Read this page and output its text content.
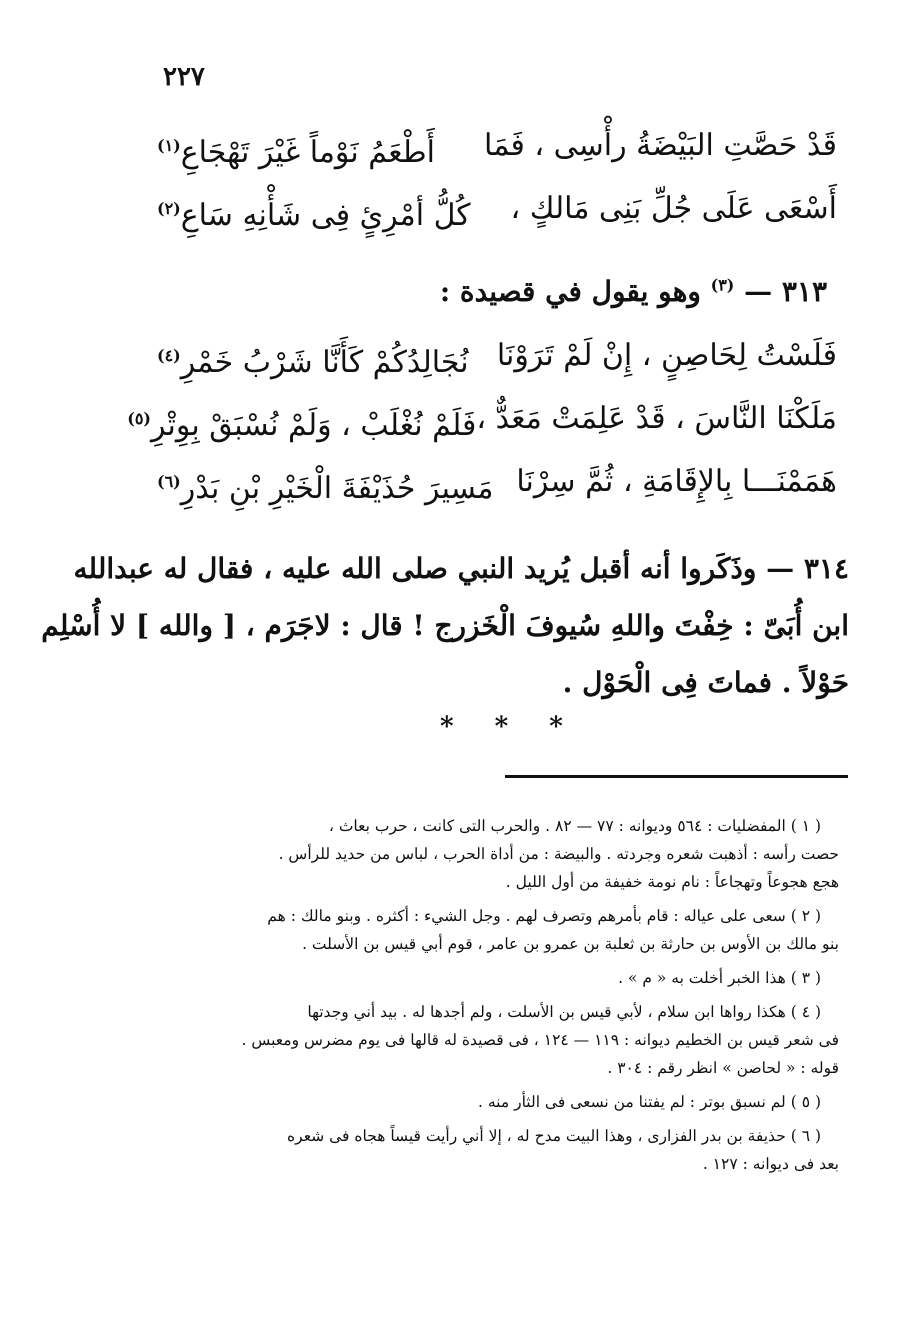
٢٢٧
قَدْ حَصَّتِ البَيْضَةُ رأْسِى ، فَمَا
أَطْعَمُ نَوْماً غَيْرَ تَهْجَاعِ$^{(١)}$
أَسْعَى عَلَى جُلِّ بَنِى مَالكٍ ،
كُلُّ أمْرِئٍ فِى شَأْنِهِ سَاعِ$^{(٢)}$
٣١٣ — $^{(٣)}$ وهو يقول في قصيدة :
فَلَسْتُ لِحَاصِنٍ ، إِنْ لَمْ تَرَوْنَا
نُجَالِدُكُمْ كَأَنَّا شَرْبُ خَمْرِ$^{(٤)}$
مَلَكْنَا النَّاسَ ، قَدْ عَلِمَتْ مَعَدٌّ ،
فَلَمْ نُغْلَبْ ، وَلَمْ نُسْبَقْ بِوِتْرِ$^{(٥)}$
هَمَمْنَـــا بِالإِقَامَةِ ، ثُمَّ سِرْنَا
مَسِيرَ حُذَيْفَةَ الْخَيْرِ بْنِ بَدْرِ$^{(٦)}$

٣١٤ — وذَكَروا أنه أقبل يُريد النبي صلى الله عليه ، فقال له عبدالله

ابن أُبَىّ : خِفْتَ واللهِ سُيوفَ الْخَزرج ! قال : لاجَرَم ، [ والله ] لا أُسْلِم

حَوْلاً . فماتَ فِى الْحَوْل .

* * *
( ١ ) المفضليات : ٥٦٤ وديوانه : ٧٧ — ٨٢ . والحرب التى كانت ، حرب بعاث ،
حصت رأسه : أذهبت شعره وجردته . والبيضة : من أداة الحرب ، لباس من حديد للرأس .
هجع هجوعاً وتهجاعاً : نام نومة خفيفة من أول الليل .
( ٢ ) سعى على عياله : قام بأمرهم وتصرف لهم . وجل الشيء : أكثره . وبنو مالك : هم
بنو مالك بن الأوس بن حارثة بن ثعلبة بن عمرو بن عامر ، قوم أبي قيس بن الأسلت .
( ٣ ) هذا الخبر أخلت به « م » .
( ٤ ) هكذا رواها ابن سلام ، لأبي قيس بن الأسلت ، ولم أجدها له . بيد أني وجدتها
فى شعر قيس بن الخطيم ديوانه : ١١٩ — ١٢٤ ، فى قصيدة له قالها فى يوم مضرس ومعبس .
قوله : « لحاصن » انظر رقم : ٣٠٤ .
( ٥ ) لم نسبق بوتر : لم يفتنا من نسعى فى الثأر منه .
( ٦ ) حذيفة بن بدر الفزارى ، وهذا البيت مدح له ، إلا أني رأيت قيساً هجاه فى شعره
بعد فى ديوانه : ١٢٧ .
